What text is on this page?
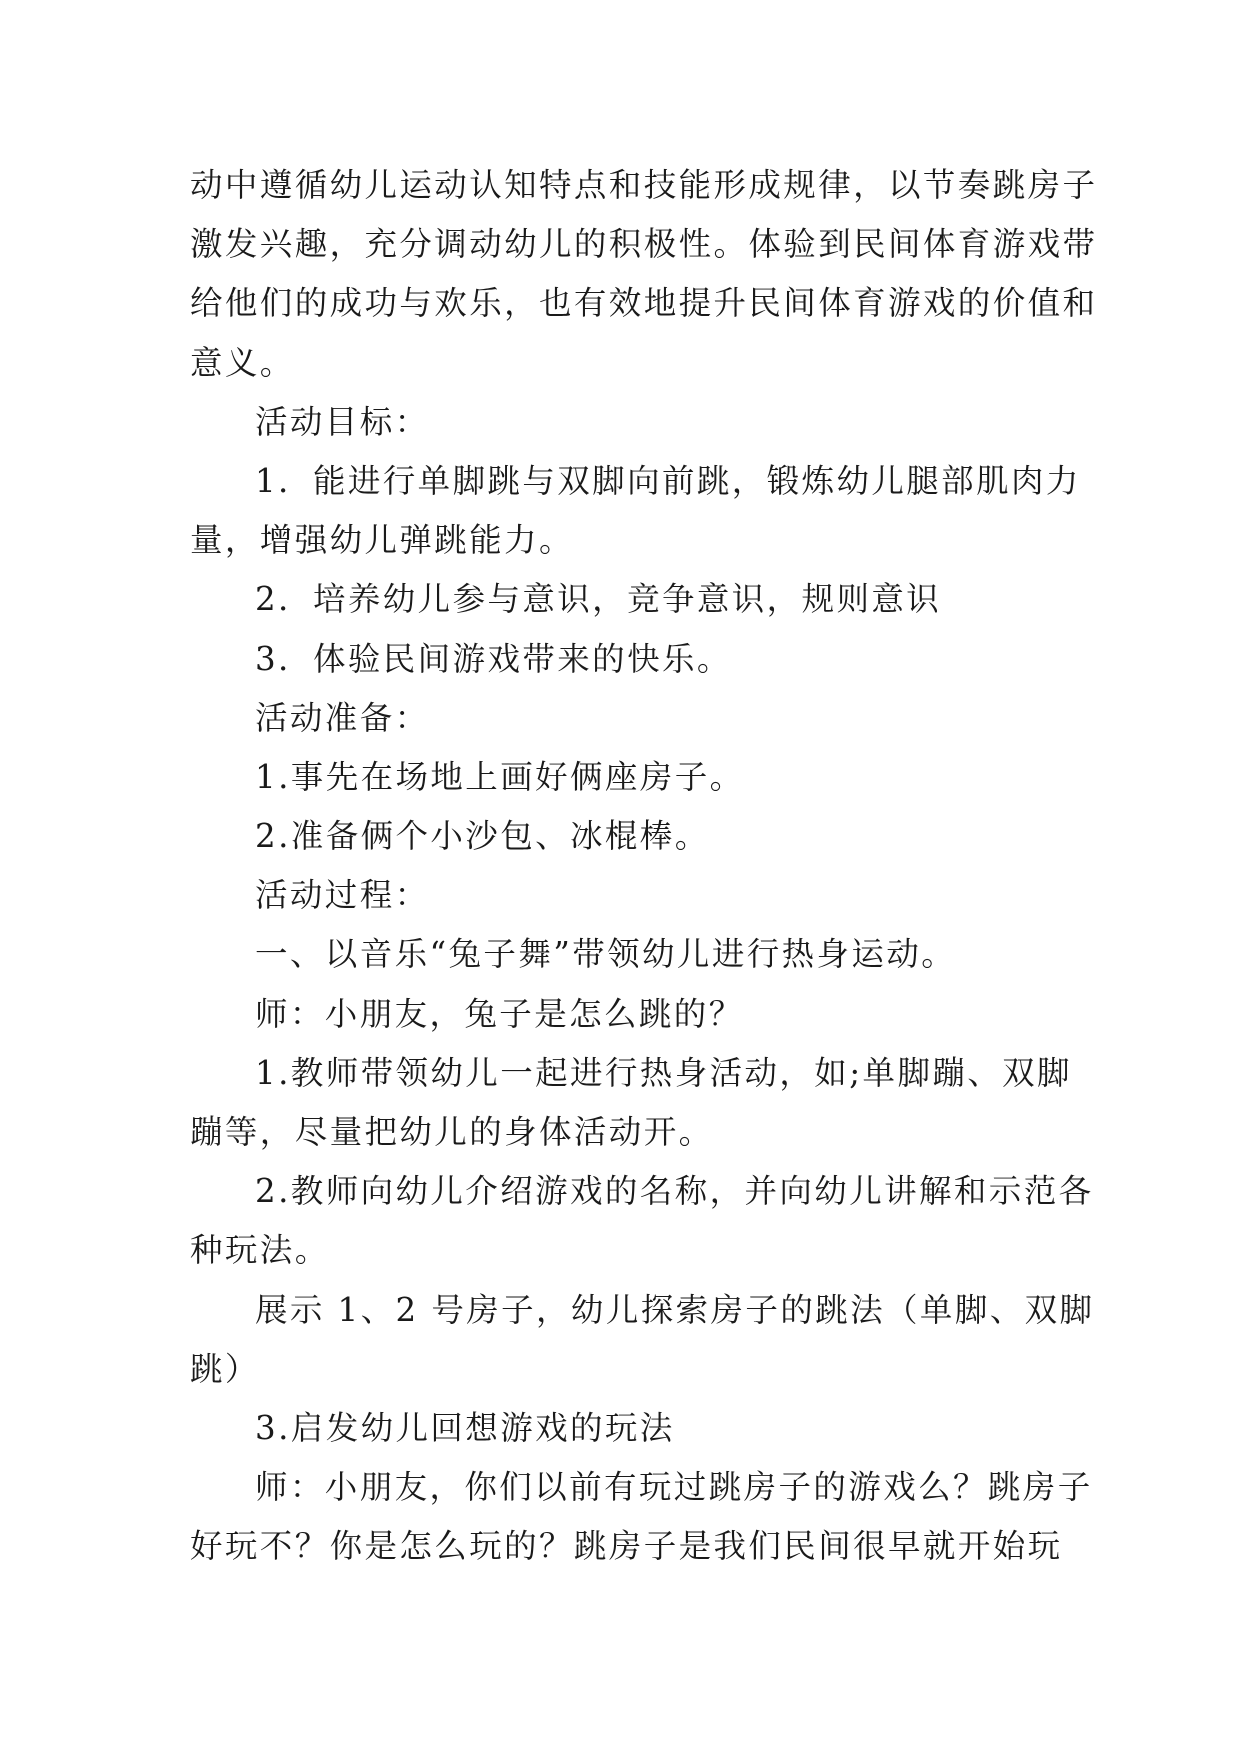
动中遵循幼儿运动认知特点和技能形成规律，以节奏跳房子
激发兴趣，充分调动幼儿的积极性。体验到民间体育游戏带
给他们的成功与欢乐，也有效地提升民间体育游戏的价值和
意义。
活动目标：
1．能进行单脚跳与双脚向前跳，锻炼幼儿腿部肌肉力
量，增强幼儿弹跳能力。
2．培养幼儿参与意识，竞争意识，规则意识
3．体验民间游戏带来的快乐。
活动准备：
1.事先在场地上画好俩座房子。
2.准备俩个小沙包、冰棍棒。
活动过程：
一、以音乐“兔子舞”带领幼儿进行热身运动。
师：小朋友，兔子是怎么跳的？
1.教师带领幼儿一起进行热身活动，如;单脚蹦、双脚
蹦等，尽量把幼儿的身体活动开。
2.教师向幼儿介绍游戏的名称，并向幼儿讲解和示范各
种玩法。
展示 1、2 号房子，幼儿探索房子的跳法（单脚、双脚
跳）
3.启发幼儿回想游戏的玩法
师：小朋友，你们以前有玩过跳房子的游戏么？跳房子
好玩不？你是怎么玩的？跳房子是我们民间很早就开始玩
